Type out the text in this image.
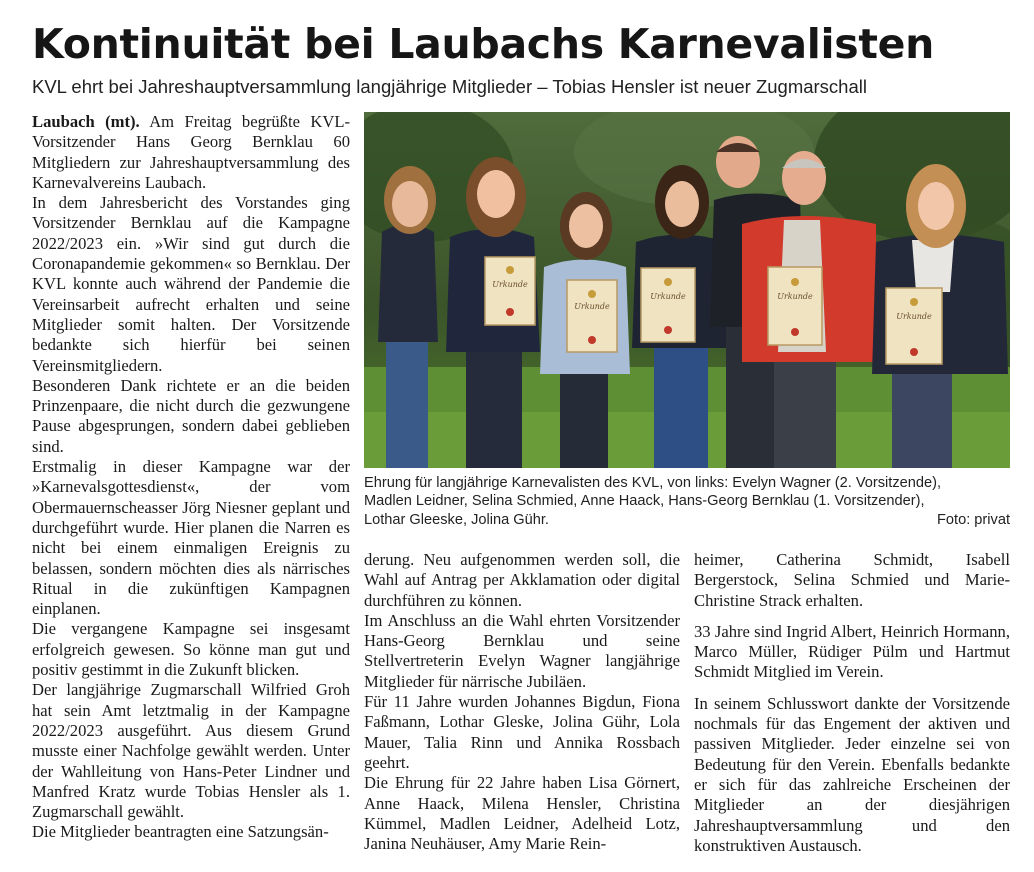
Kontinuität bei Laubachs Karnevalisten

KVL ehrt bei Jahreshauptversammlung langjährige Mitglieder – Tobias Hensler ist neuer Zugmarschall

Laubach (mt). Am Freitag begrüßte KVL-Vorsitzender Hans Georg Bernklau 60 Mitgliedern zur Jahreshauptversammlung des Karnevalvereins Laubach.

In dem Jahresbericht des Vorstandes ging Vorsitzender Bernklau auf die Kampagne 2022/2023 ein. »Wir sind gut durch die Coronapandemie gekommen« so Bernklau. Der KVL konnte auch während der Pandemie die Vereinsarbeit aufrecht erhalten und seine Mitglieder somit halten. Der Vorsitzende bedankte sich hierfür bei seinen Vereinsmitgliedern.

Besonderen Dank richtete er an die beiden Prinzenpaare, die nicht durch die gezwungene Pause abgesprungen, sondern dabei geblieben sind.

Erstmalig in dieser Kampagne war der »Karnevalsgottesdienst«, der vom Obermauernscheasser Jörg Niesner geplant und durchgeführt wurde. Hier planen die Narren es nicht bei einem einmaligen Ereignis zu belassen, sondern möchten dies als närrisches Ritual in die zukünftigen Kampagnen einplanen.

Die vergangene Kampagne sei insgesamt erfolgreich gewesen. So könne man gut und positiv gestimmt in die Zukunft blicken.

Der langjährige Zugmarschall Wilfried Groh hat sein Amt letztmalig in der Kampagne 2022/2023 ausgeführt. Aus diesem Grund musste einer Nachfolge gewählt werden. Unter der Wahlleitung von Hans-Peter Lindner und Manfred Kratz wurde Tobias Hensler als 1. Zugmarschall gewählt.

Die Mitglieder beantragten eine Satzungsän-

Urkunde
Urkunde
Urkunde	Urkunde
Urkunde

Ehrung für langjährige Karnevalisten des KVL, von links: Evelyn Wagner (2. Vorsitzende),

Madlen Leidner, Selina Schmied, Anne Haack, Hans-Georg Bernklau (1. Vorsitzender),

Lothar Gleeske, Jolina Gühr.	Foto: privat

derung. Neu aufgenommen werden soll, die Wahl auf Antrag per Akklamation oder digital durchführen zu können.

Im Anschluss an die Wahl ehrten Vorsitzender Hans-Georg Bernklau und seine Stellvertreterin Evelyn Wagner langjährige Mitglieder für närrische Jubiläen.

Für 11 Jahre wurden Johannes Bigdun, Fiona Faßmann, Lothar Gleske, Jolina Gühr, Lola Mauer, Talia Rinn und Annika Rossbach geehrt.

Die Ehrung für 22 Jahre haben Lisa Görnert, Anne Haack, Milena Hensler, Christina Kümmel, Madlen Leidner, Adelheid Lotz, Janina Neuhäuser, Amy Marie Rein-

heimer, Catherina Schmidt, Isabell Bergerstock, Selina Schmied und Marie-Christine Strack erhalten.

33 Jahre sind Ingrid Albert, Heinrich Hormann, Marco Müller, Rüdiger Pülm und Hartmut Schmidt Mitglied im Verein.

In seinem Schlusswort dankte der Vorsitzende nochmals für das Engement der aktiven und passiven Mitglieder. Jeder einzelne sei von Bedeutung für den Verein. Ebenfalls bedankte er sich für das zahlreiche Erscheinen der Mitglieder an der diesjährigen Jahreshauptversammlung und den konstruktiven Austausch.
